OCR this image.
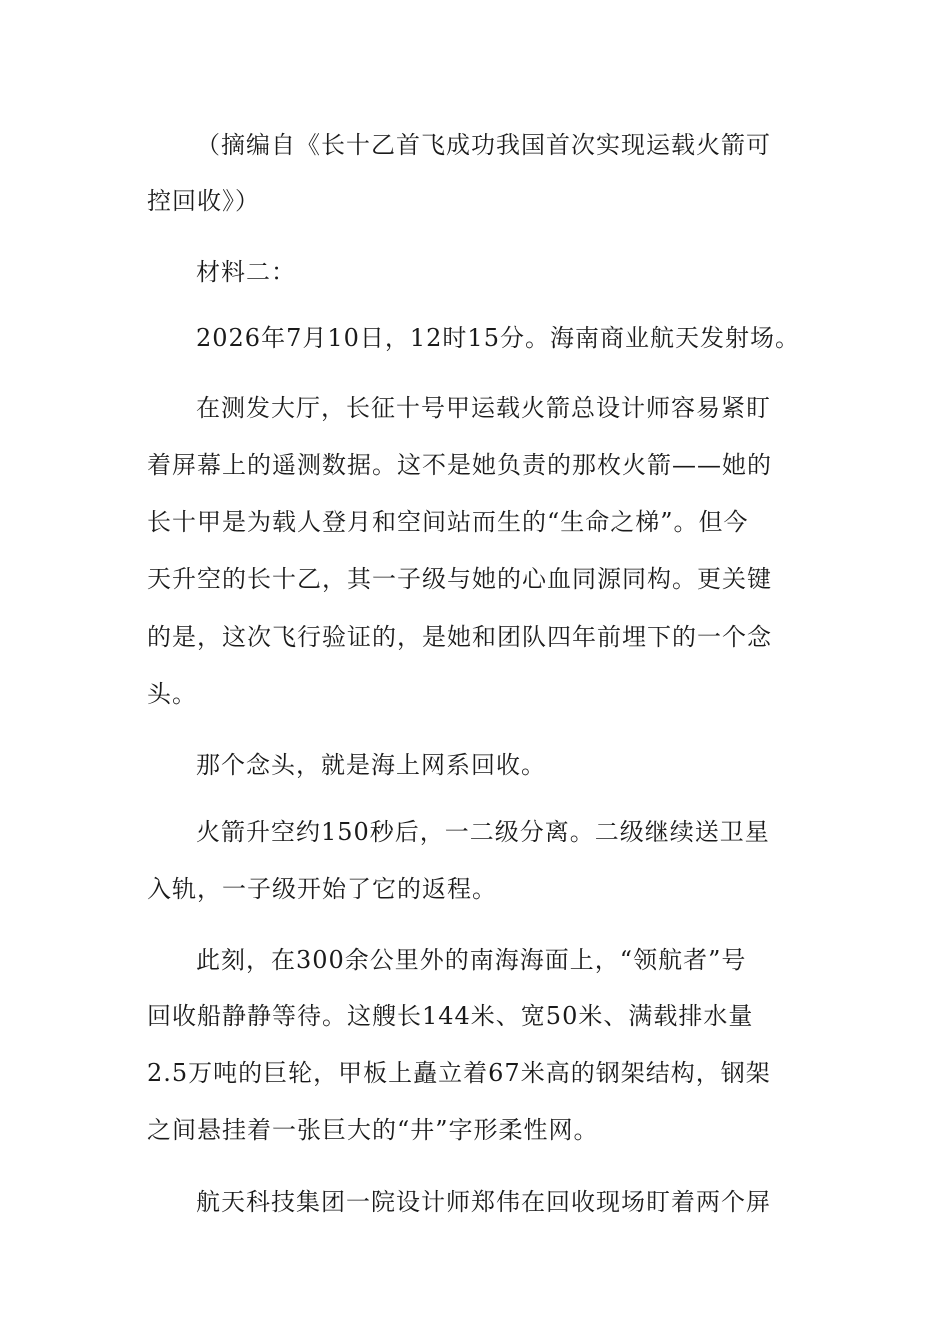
（摘编自《长十乙首飞成功我国首次实现运载火箭可
控回收》）
材料二：
2026年7月10日，12时15分。海南商业航天发射场。
在测发大厅，长征十号甲运载火箭总设计师容易紧盯
着屏幕上的遥测数据。这不是她负责的那枚火箭——她的
长十甲是为载人登月和空间站而生的“生命之梯”。但今
天升空的长十乙，其一子级与她的心血同源同构。更关键
的是，这次飞行验证的，是她和团队四年前埋下的一个念
头。
那个念头，就是海上网系回收。
火箭升空约150秒后，一二级分离。二级继续送卫星
入轨，一子级开始了它的返程。
此刻，在300余公里外的南海海面上，“领航者”号
回收船静静等待。这艘长144米、宽50米、满载排水量
2.5万吨的巨轮，甲板上矗立着67米高的钢架结构，钢架
之间悬挂着一张巨大的“井”字形柔性网。
航天科技集团一院设计师郑伟在回收现场盯着两个屏
